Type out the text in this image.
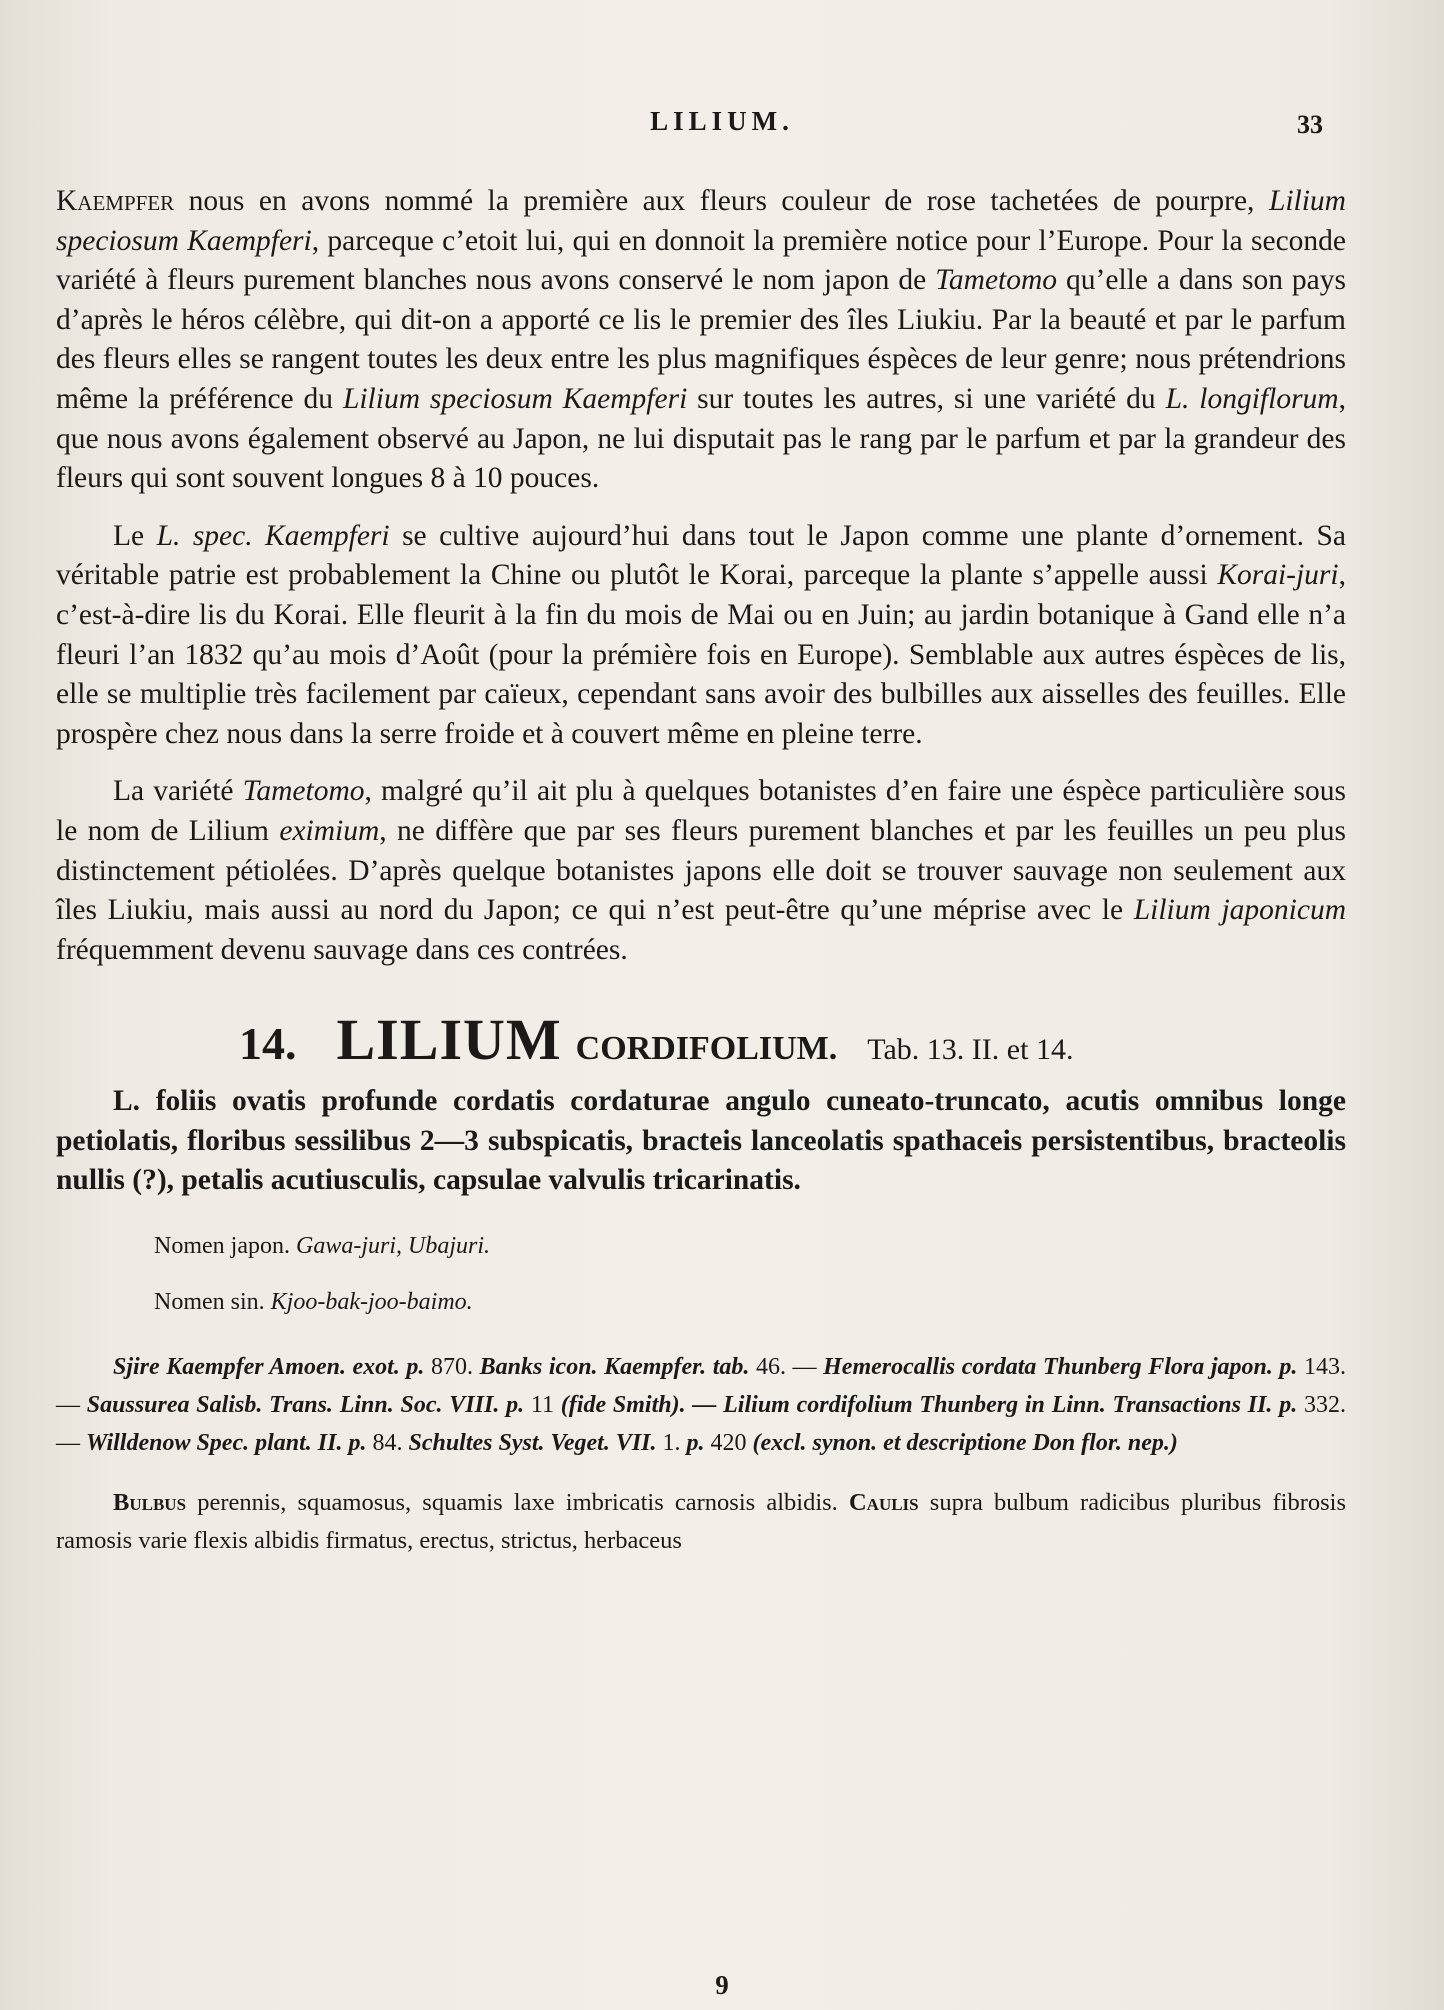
LILIUM.	33

Kaempfer nous en avons nommé la première aux fleurs couleur de rose tachetées de pourpre, Lilium speciosum Kaempferi, parceque c’etoit lui, qui en donnoit la première notice pour l’Europe. Pour la seconde variété à fleurs purement blanches nous avons conservé le nom japon de Tametomo qu’elle a dans son pays d’après le héros célèbre, qui dit-on a apporté ce lis le premier des îles Liukiu. Par la beauté et par le parfum des fleurs elles se rangent toutes les deux entre les plus magnifiques éspèces de leur genre; nous prétendrions même la préférence du Lilium speciosum Kaempferi sur toutes les autres, si une variété du L. longiflorum, que nous avons également observé au Japon, ne lui disputait pas le rang par le parfum et par la grandeur des fleurs qui sont souvent longues 8 à 10 pouces.

Le L. spec. Kaempferi se cultive aujourd’hui dans tout le Japon comme une plante d’ornement. Sa véritable patrie est probablement la Chine ou plutôt le Korai, parceque la plante s’appelle aussi Korai-juri, c’est-à-dire lis du Korai. Elle fleurit à la fin du mois de Mai ou en Juin; au jardin botanique à Gand elle n’a fleuri l’an 1832 qu’au mois d’Août (pour la prémière fois en Europe). Semblable aux autres éspèces de lis, elle se multiplie très facilement par caïeux, cependant sans avoir des bulbilles aux aisselles des feuilles. Elle prospère chez nous dans la serre froide et à couvert même en pleine terre.

La variété Tametomo, malgré qu’il ait plu à quelques botanistes d’en faire une éspèce particulière sous le nom de Lilium eximium, ne diffère que par ses fleurs purement blanches et par les feuilles un peu plus distinctement pétiolées. D’après quelque botanistes japons elle doit se trouver sauvage non seulement aux îles Liukiu, mais aussi au nord du Japon; ce qui n’est peut-être qu’une méprise avec le Lilium japonicum fréquemment devenu sauvage dans ces contrées.

14. LILIUM CORDIFOLIUM. Tab. 13. II. et 14.

L. foliis ovatis profunde cordatis cordaturae angulo cuneato-truncato, acutis omnibus longe petiolatis, floribus sessilibus 2—3 subspicatis, bracteis lanceolatis spathaceis persistentibus, bracteolis nullis (?), petalis acutiusculis, capsulae valvulis tricarinatis.

Nomen japon. Gawa-juri, Ubajuri.
Nomen sin. Kjoo-bak-joo-baimo.

Sjire Kaempfer Amoen. exot. p. 870. Banks icon. Kaempfer. tab. 46. — Hemerocallis cordata Thunberg Flora japon. p. 143. — Saussurea Salisb. Trans. Linn. Soc. VIII. p. 11 (fide Smith). — Lilium cordifolium Thunberg in Linn. Transactions II. p. 332. — Willdenow Spec. plant. II. p. 84. Schultes Syst. Veget. VII. 1. p. 420 (excl. synon. et descriptione Don flor. nep.)

Bulbus perennis, squamosus, squamis laxe imbricatis carnosis albidis. Caulis supra bulbum radicibus pluribus fibrosis ramosis varie flexis albidis firmatus, erectus, strictus, herbaceus

9
